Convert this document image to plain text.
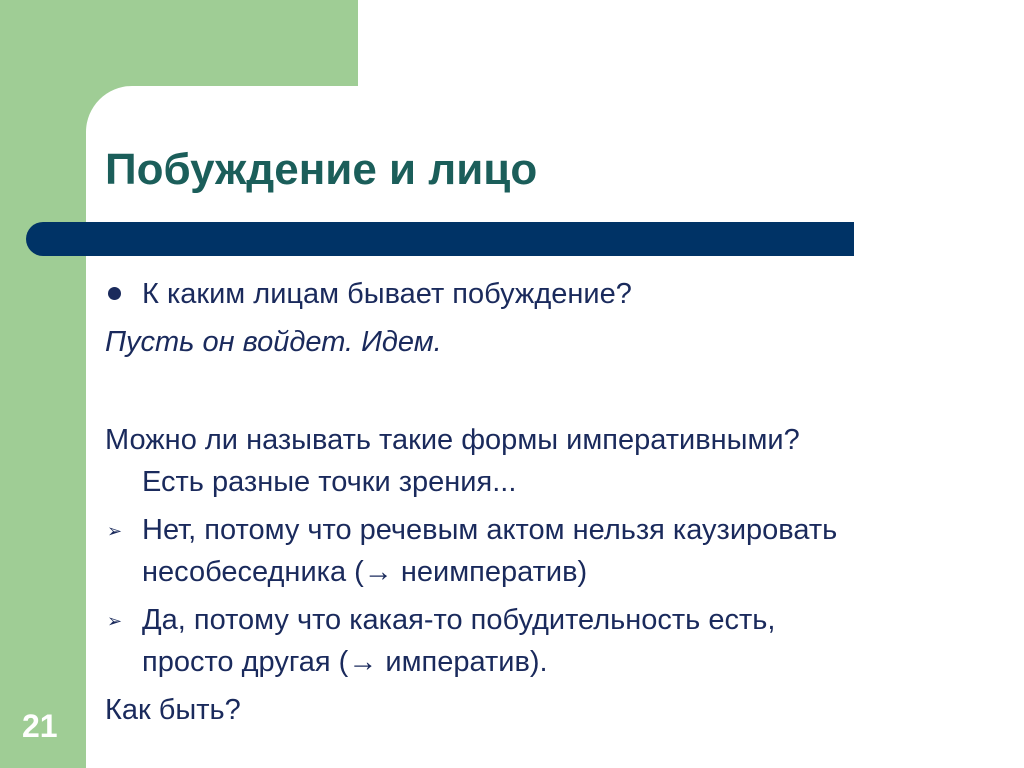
Побуждение и лицо
К каким лицам бывает побуждение?
Пусть он войдет. Идем.
Можно ли называть такие формы императивными?
Есть разные точки зрения...
➢ Нет, потому что речевым актом нельзя каузировать
несобеседника (→ неимператив)
➢ Да, потому что какая-то побудительность есть,
просто другая (→ императив).
Как быть?
21
